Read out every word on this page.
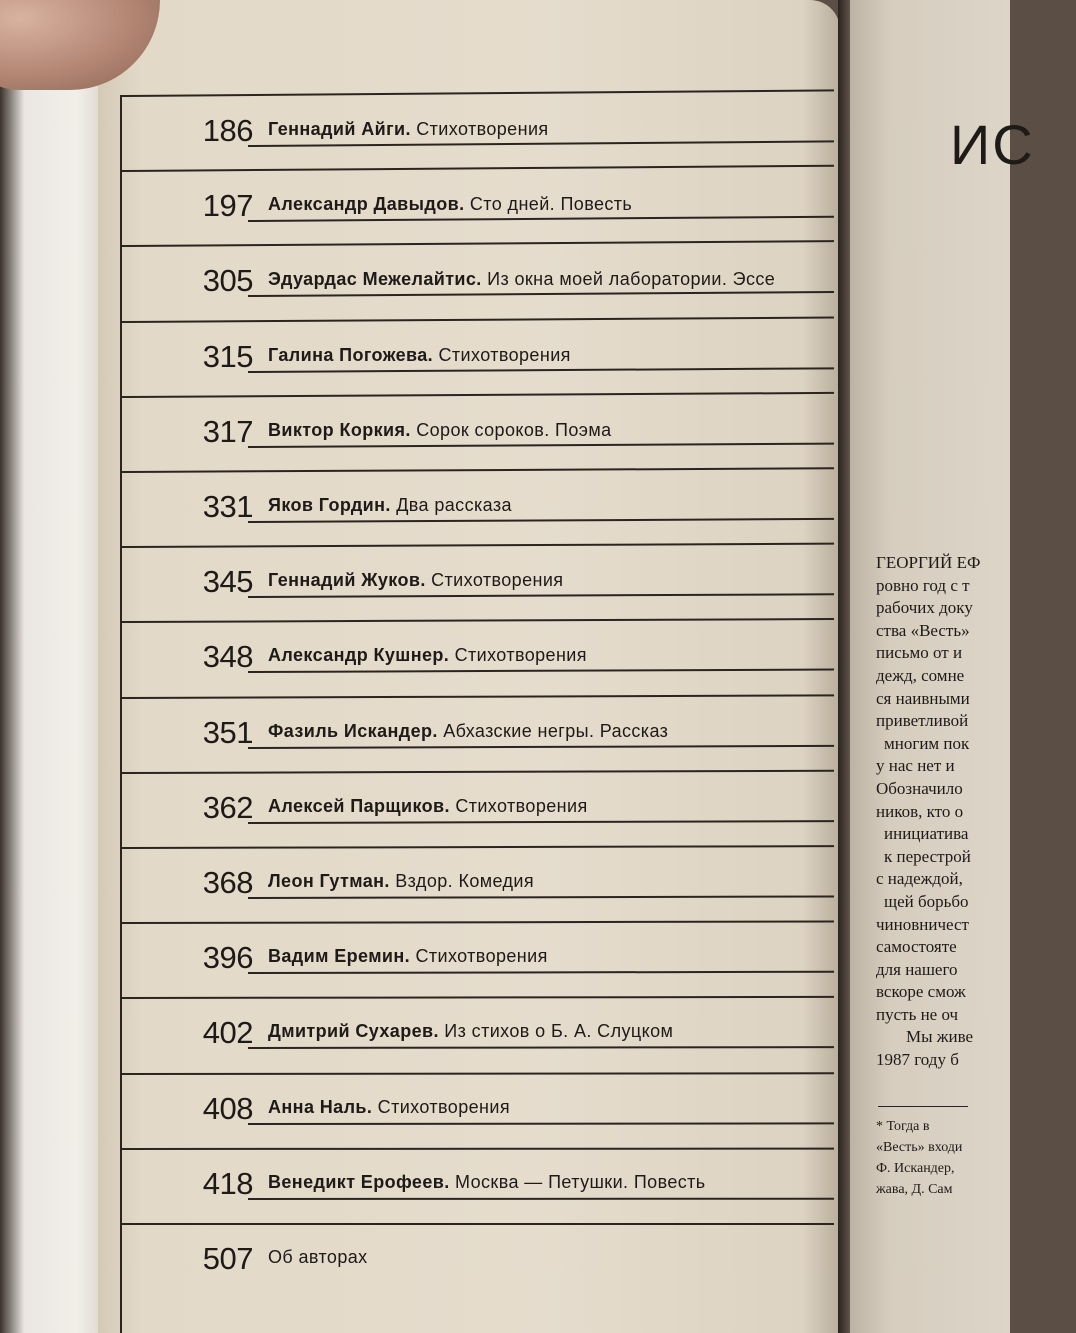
186 Геннадий Айги. Стихотворения
197 Александр Давыдов. Сто дней. Повесть
305 Эдуардас Межелайтис. Из окна моей лаборатории. Эссе
315 Галина Погожева. Стихотворения
317 Виктор Коркия. Сорок сороков. Поэма
331 Яков Гордин. Два рассказа
345 Геннадий Жуков. Стихотворения
348 Александр Кушнер. Стихотворения
351 Фазиль Искандер. Абхазские негры. Рассказ
362 Алексей Парщиков. Стихотворения
368 Леон Гутман. Вздор. Комедия
396 Вадим Еремин. Стихотворения
402 Дмитрий Сухарев. Из стихов о Б. А. Слуцком
408 Анна Наль. Стихотворения
418 Венедикт Ерофеев. Москва — Петушки. Повесть
507 Об авторах
ИС
ГЕОРГИЙ ЕФ
ровно год с т
рабочих доку
ства «Весть»
письмо от и
дежд, сомне
ся наивными
приветливой
многим пок
у нас нет и
Обозначило
ников, кто о
инициатива
к перестрой
с надеждой,
щей борьбо
чиновничест
самостояте
для нашего
вскоре смож
пусть не оч
Мы живе
1987 году б
* Тогда в
«Весть» входи
Ф. Искандер,
жава, Д. Сам
